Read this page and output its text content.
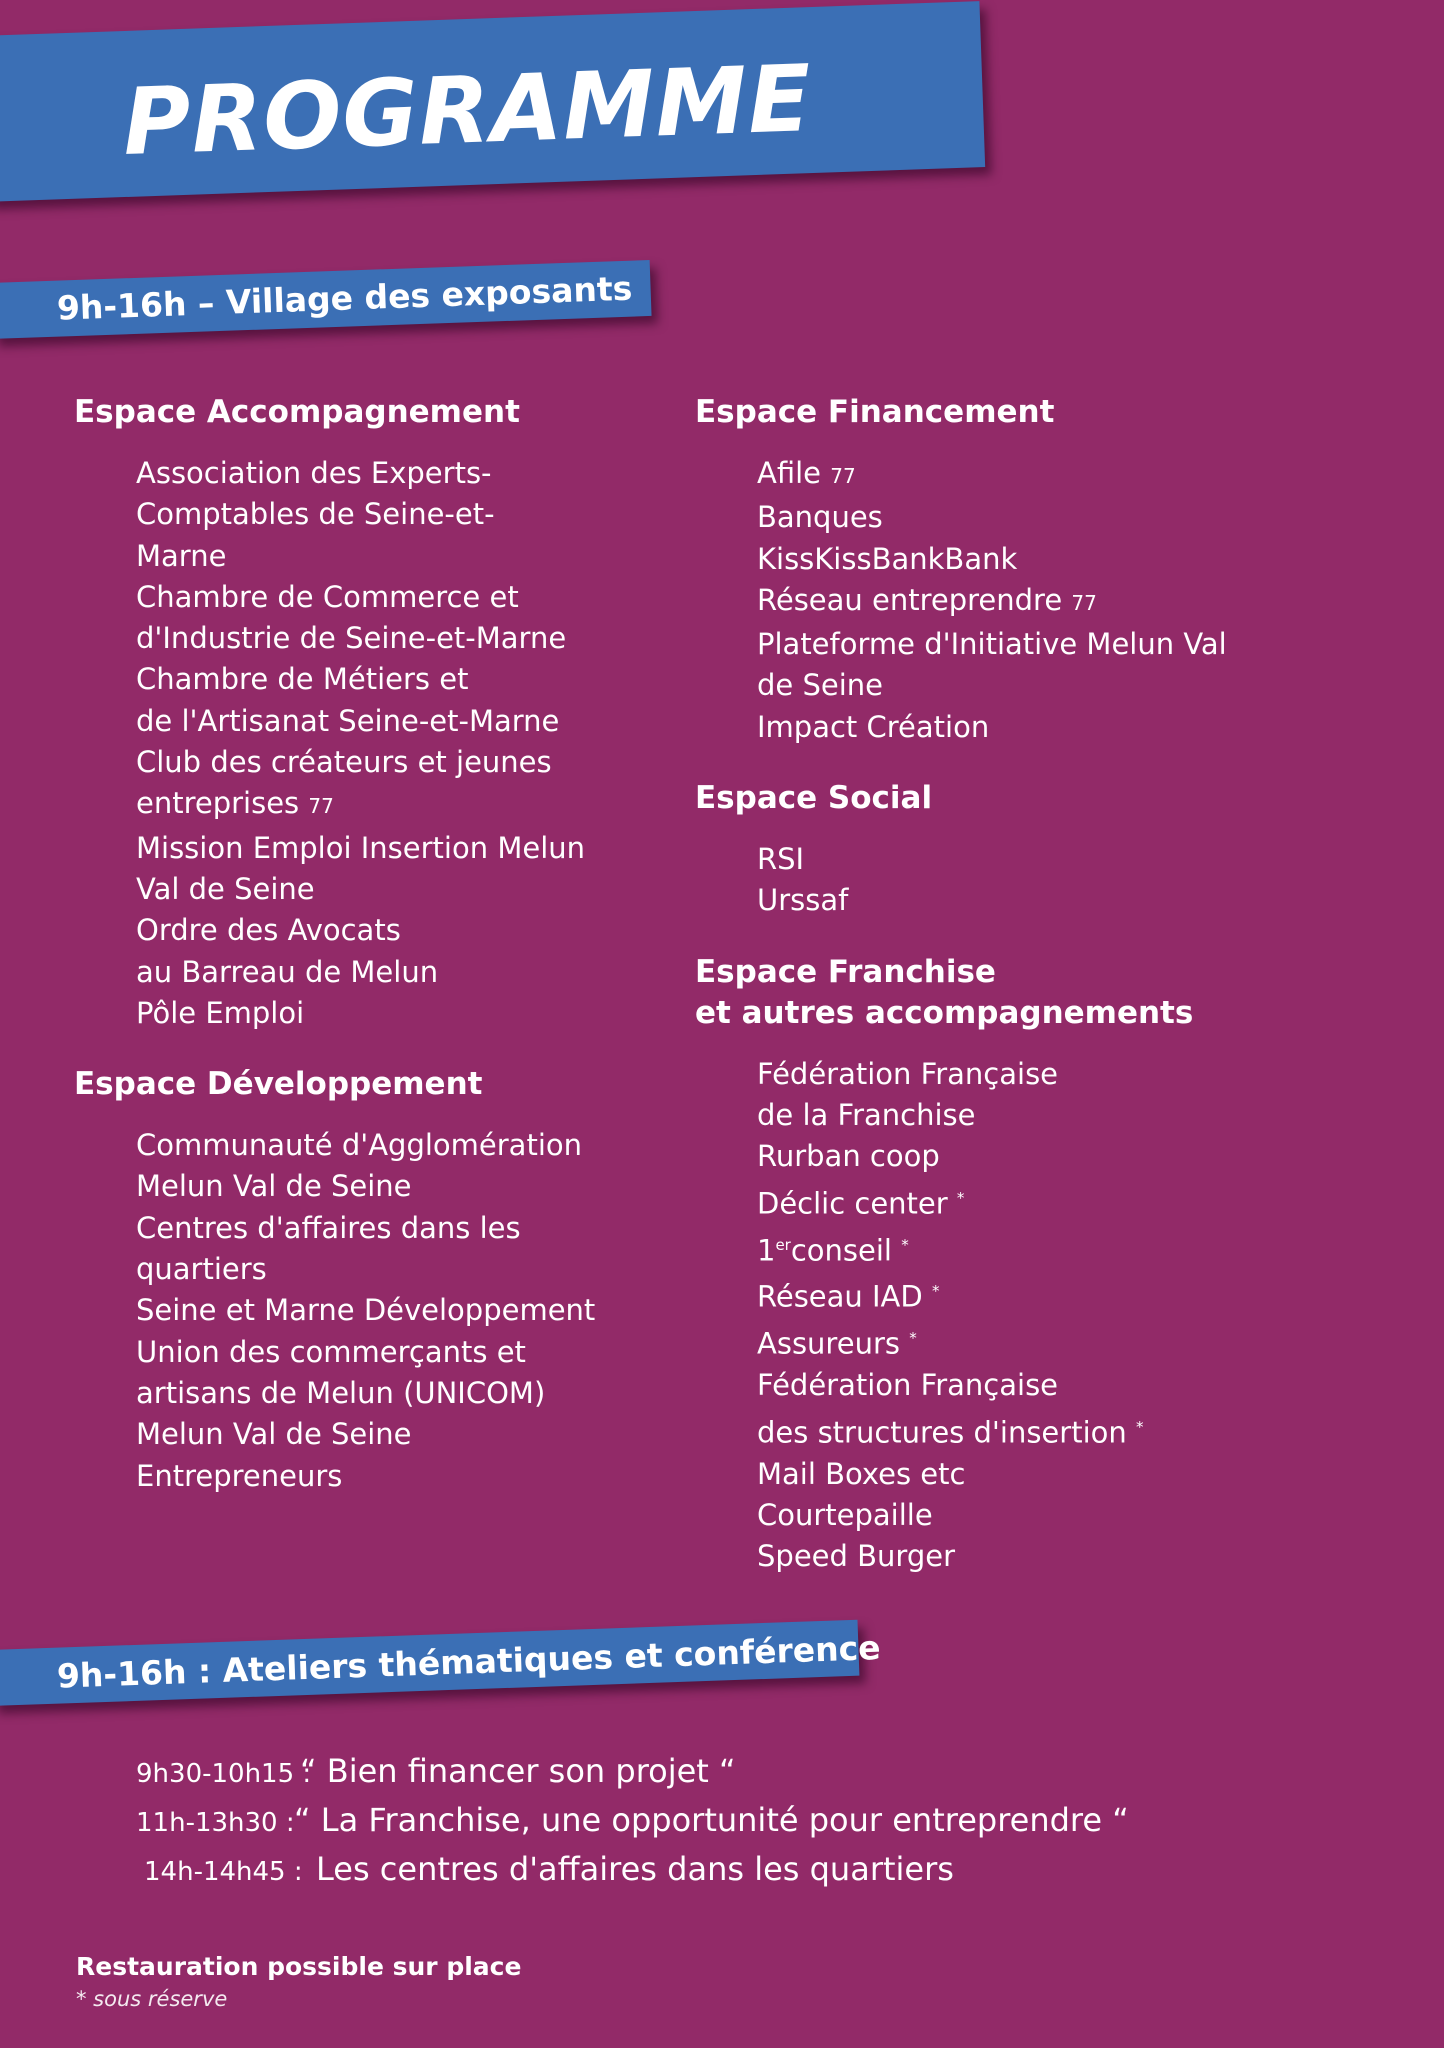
PROGRAMME
9h-16h – Village des exposants
Espace Accompagnement
Association des Experts-
Comptables de Seine-et-
Marne
Chambre de Commerce et
d'Industrie de Seine-et-Marne
Chambre de Métiers et
de l'Artisanat Seine-et-Marne
Club des créateurs et jeunes
entreprises 77
Mission Emploi Insertion Melun
Val de Seine
Ordre des Avocats
au Barreau de Melun
Pôle Emploi
Espace Développement
Communauté d'Agglomération
Melun Val de Seine
Centres d'affaires dans les
quartiers
Seine et Marne Développement
Union des commerçants et
artisans de Melun (UNICOM)
Melun Val de Seine
Entrepreneurs
Espace Financement
Afile 77
Banques
KissKissBankBank
Réseau entreprendre 77
Plateforme d'Initiative Melun Val
de Seine
Impact Création
Espace Social
RSI
Urssaf
Espace Franchise
et autres accompagnements
Fédération Française
de la Franchise
Rurban coop
Déclic center *
1erconseil *
Réseau IAD *
Assureurs *
Fédération Française
des structures d'insertion *
Mail Boxes etc
Courtepaille
Speed Burger
9h-16h : Ateliers thématiques et conférence
9h30-10h15 :“ Bien financer son projet “
11h-13h30 :“ La Franchise, une opportunité pour entreprendre “
14h-14h45 : Les centres d'affaires dans les quartiers
Restauration possible sur place
* sous réserve
